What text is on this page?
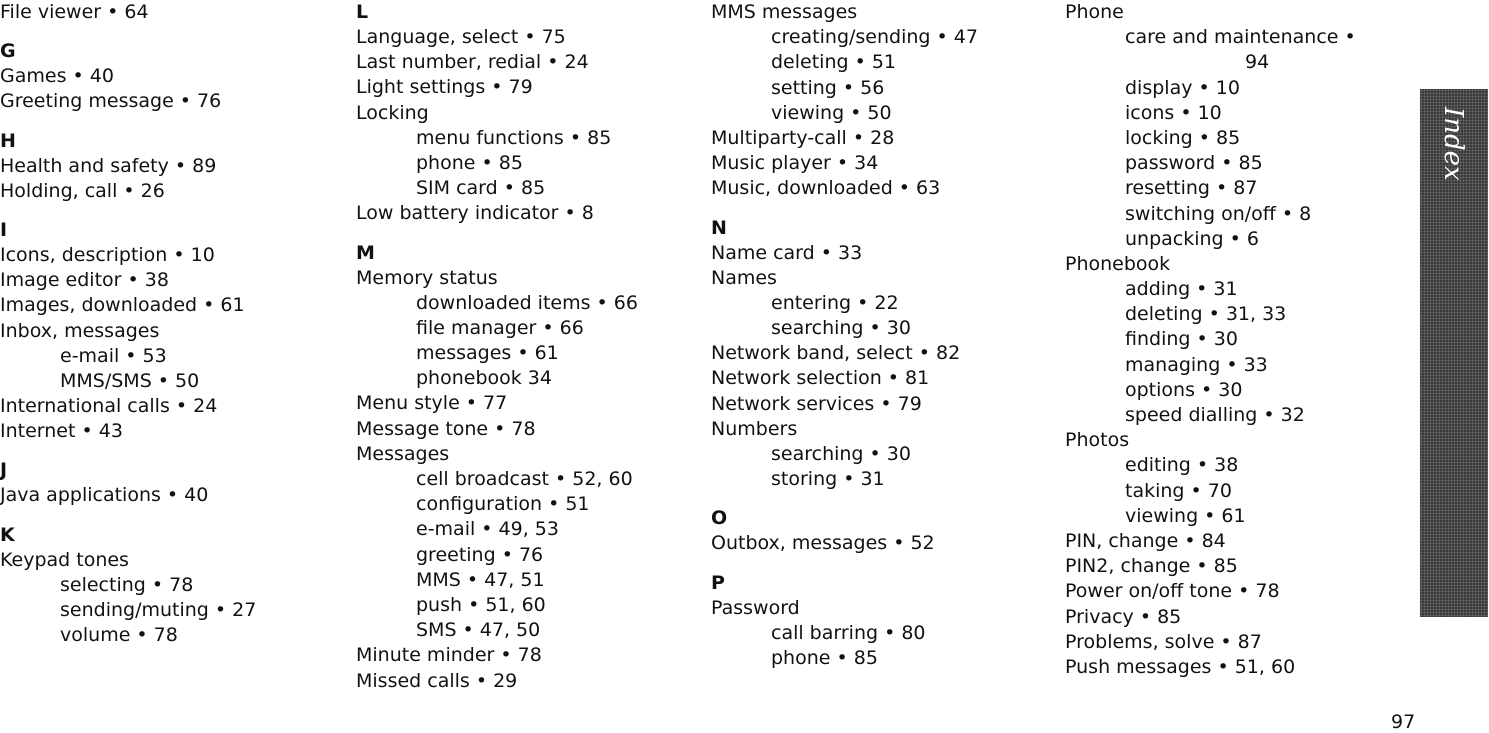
File viewer • 64
G
Games • 40
Greeting message • 76
H
Health and safety • 89
Holding, call • 26
I
Icons, description • 10
Image editor • 38
Images, downloaded • 61
Inbox, messages
e-mail • 53
MMS/SMS • 50
International calls • 24
Internet • 43
J
Java applications • 40
K
Keypad tones
selecting • 78
sending/muting • 27
volume • 78
L
Language, select • 75
Last number, redial • 24
Light settings • 79
Locking
menu functions • 85
phone • 85
SIM card • 85
Low battery indicator • 8
M
Memory status
downloaded items • 66
file manager • 66
messages • 61
phonebook 34
Menu style • 77
Message tone • 78
Messages
cell broadcast • 52, 60
configuration • 51
e-mail • 49, 53
greeting • 76
MMS • 47, 51
push • 51, 60
SMS • 47, 50
Minute minder • 78
Missed calls • 29
MMS messages
creating/sending • 47
deleting • 51
setting • 56
viewing • 50
Multiparty-call • 28
Music player • 34
Music, downloaded • 63
N
Name card • 33
Names
entering • 22
searching • 30
Network band, select • 82
Network selection • 81
Network services • 79
Numbers
searching • 30
storing • 31
O
Outbox, messages • 52
P
Password
call barring • 80
phone • 85
Phone
care and maintenance •
94
display • 10
icons • 10
locking • 85
password • 85
resetting • 87
switching on/off • 8
unpacking • 6
Phonebook
adding • 31
deleting • 31, 33
finding • 30
managing • 33
options • 30
speed dialling • 32
Photos
editing • 38
taking • 70
viewing • 61
PIN, change • 84
PIN2, change • 85
Power on/off tone • 78
Privacy • 85
Problems, solve • 87
Push messages • 51, 60
Index
97
